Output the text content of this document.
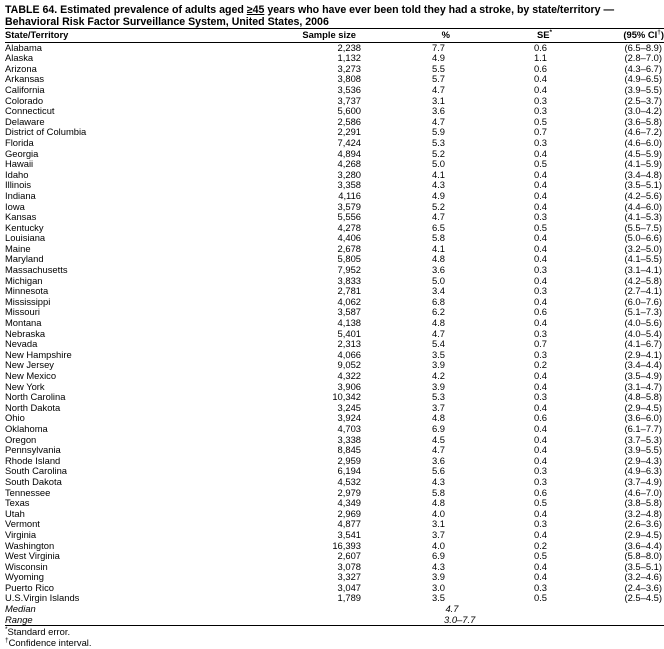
TABLE 64. Estimated prevalence of adults aged ≥45 years who have ever been told they had a stroke, by state/territory —
Behavioral Risk Factor Surveillance System, United States, 2006
State/Territory	Sample size	%	SE*	(95% CI†)
Alabama	2,238	7.7	0.6	(6.5–8.9)
Alaska	1,132	4.9	1.1	(2.8–7.0)
Arizona	3,273	5.5	0.6	(4.3–6.7)
Arkansas	3,808	5.7	0.4	(4.9–6.5)
California	3,536	4.7	0.4	(3.9–5.5)
Colorado	3,737	3.1	0.3	(2.5–3.7)
Connecticut	5,600	3.6	0.3	(3.0–4.2)
Delaware	2,586	4.7	0.5	(3.6–5.8)
District of Columbia	2,291	5.9	0.7	(4.6–7.2)
Florida	7,424	5.3	0.3	(4.6–6.0)
Georgia	4,894	5.2	0.4	(4.5–5.9)
Hawaii	4,268	5.0	0.5	(4.1–5.9)
Idaho	3,280	4.1	0.4	(3.4–4.8)
Illinois	3,358	4.3	0.4	(3.5–5.1)
Indiana	4,116	4.9	0.4	(4.2–5.6)
Iowa	3,579	5.2	0.4	(4.4–6.0)
Kansas	5,556	4.7	0.3	(4.1–5.3)
Kentucky	4,278	6.5	0.5	(5.5–7.5)
Louisiana	4,406	5.8	0.4	(5.0–6.6)
Maine	2,678	4.1	0.4	(3.2–5.0)
Maryland	5,805	4.8	0.4	(4.1–5.5)
Massachusetts	7,952	3.6	0.3	(3.1–4.1)
Michigan	3,833	5.0	0.4	(4.2–5.8)
Minnesota	2,781	3.4	0.3	(2.7–4.1)
Mississippi	4,062	6.8	0.4	(6.0–7.6)
Missouri	3,587	6.2	0.6	(5.1–7.3)
Montana	4,138	4.8	0.4	(4.0–5.6)
Nebraska	5,401	4.7	0.3	(4.0–5.4)
Nevada	2,313	5.4	0.7	(4.1–6.7)
New Hampshire	4,066	3.5	0.3	(2.9–4.1)
New Jersey	9,052	3.9	0.2	(3.4–4.4)
New Mexico	4,322	4.2	0.4	(3.5–4.9)
New York	3,906	3.9	0.4	(3.1–4.7)
North Carolina	10,342	5.3	0.3	(4.8–5.8)
North Dakota	3,245	3.7	0.4	(2.9–4.5)
Ohio	3,924	4.8	0.6	(3.6–6.0)
Oklahoma	4,703	6.9	0.4	(6.1–7.7)
Oregon	3,338	4.5	0.4	(3.7–5.3)
Pennsylvania	8,845	4.7	0.4	(3.9–5.5)
Rhode Island	2,959	3.6	0.4	(2.9–4.3)
South Carolina	6,194	5.6	0.3	(4.9–6.3)
South Dakota	4,532	4.3	0.3	(3.7–4.9)
Tennessee	2,979	5.8	0.6	(4.6–7.0)
Texas	4,349	4.8	0.5	(3.8–5.8)
Utah	2,969	4.0	0.4	(3.2–4.8)
Vermont	4,877	3.1	0.3	(2.6–3.6)
Virginia	3,541	3.7	0.4	(2.9–4.5)
Washington	16,393	4.0	0.2	(3.6–4.4)
West Virginia	2,607	6.9	0.5	(5.8–8.0)
Wisconsin	3,078	4.3	0.4	(3.5–5.1)
Wyoming	3,327	3.9	0.4	(3.2–4.6)
Puerto Rico	3,047	3.0	0.3	(2.4–3.6)
U.S.Virgin Islands	1,789	3.5	0.5	(2.5–4.5)
Median		4.7		
Range		3.0–7.7		
*Standard error.
†Confidence interval.
